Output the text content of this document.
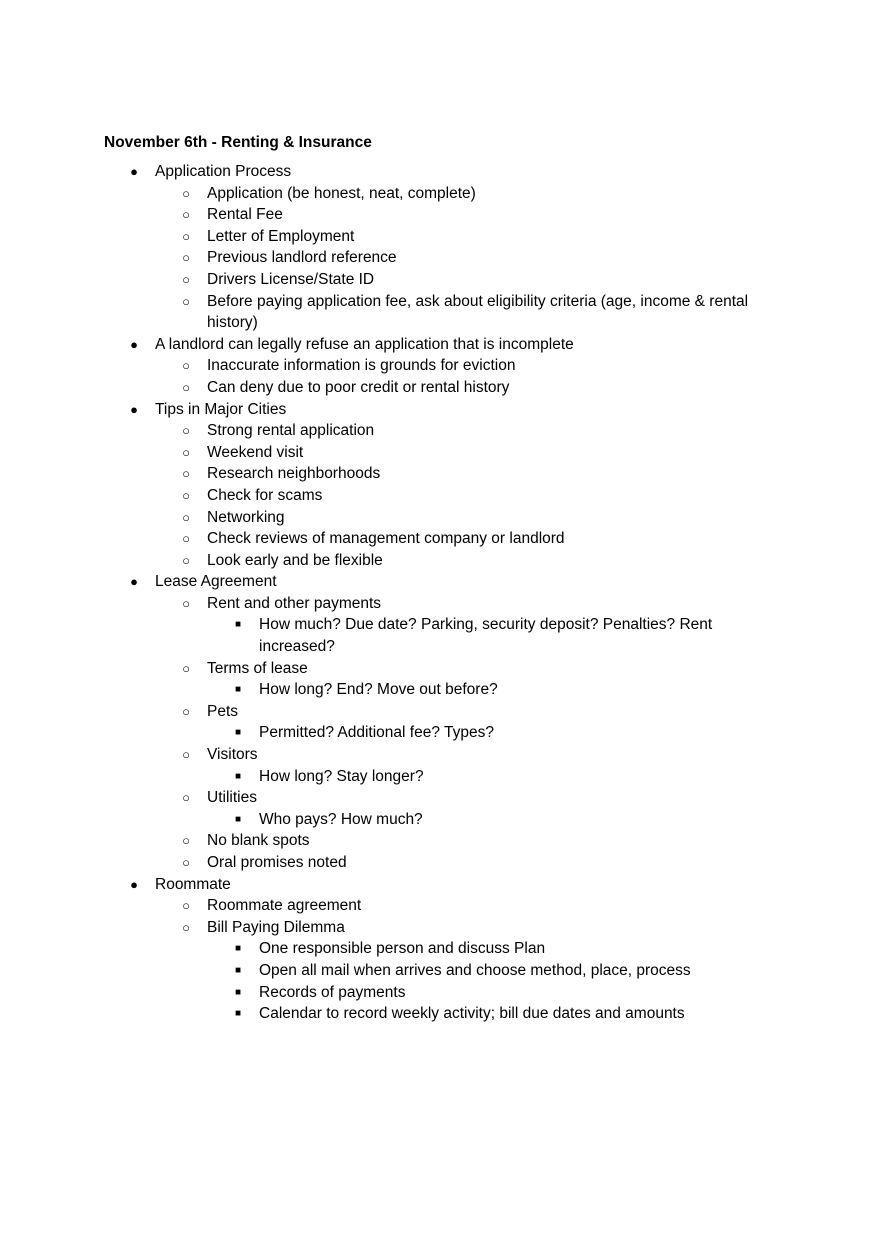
November 6th - Renting & Insurance
● Application Process
○ Application (be honest, neat, complete)
○ Rental Fee
○ Letter of Employment
○ Previous landlord reference
○ Drivers License/State ID
○ Before paying application fee, ask about eligibility criteria (age, income & rental history)
● A landlord can legally refuse an application that is incomplete
○ Inaccurate information is grounds for eviction
○ Can deny due to poor credit or rental history
● Tips in Major Cities
○ Strong rental application
○ Weekend visit
○ Research neighborhoods
○ Check for scams
○ Networking
○ Check reviews of management company or landlord
○ Look early and be flexible
● Lease Agreement
○ Rent and other payments
■ How much? Due date? Parking, security deposit? Penalties? Rent increased?
○ Terms of lease
■ How long? End? Move out before?
○ Pets
■ Permitted? Additional fee? Types?
○ Visitors
■ How long? Stay longer?
○ Utilities
■ Who pays? How much?
○ No blank spots
○ Oral promises noted
● Roommate
○ Roommate agreement
○ Bill Paying Dilemma
■ One responsible person and discuss Plan
■ Open all mail when arrives and choose method, place, process
■ Records of payments
■ Calendar to record weekly activity; bill due dates and amounts
